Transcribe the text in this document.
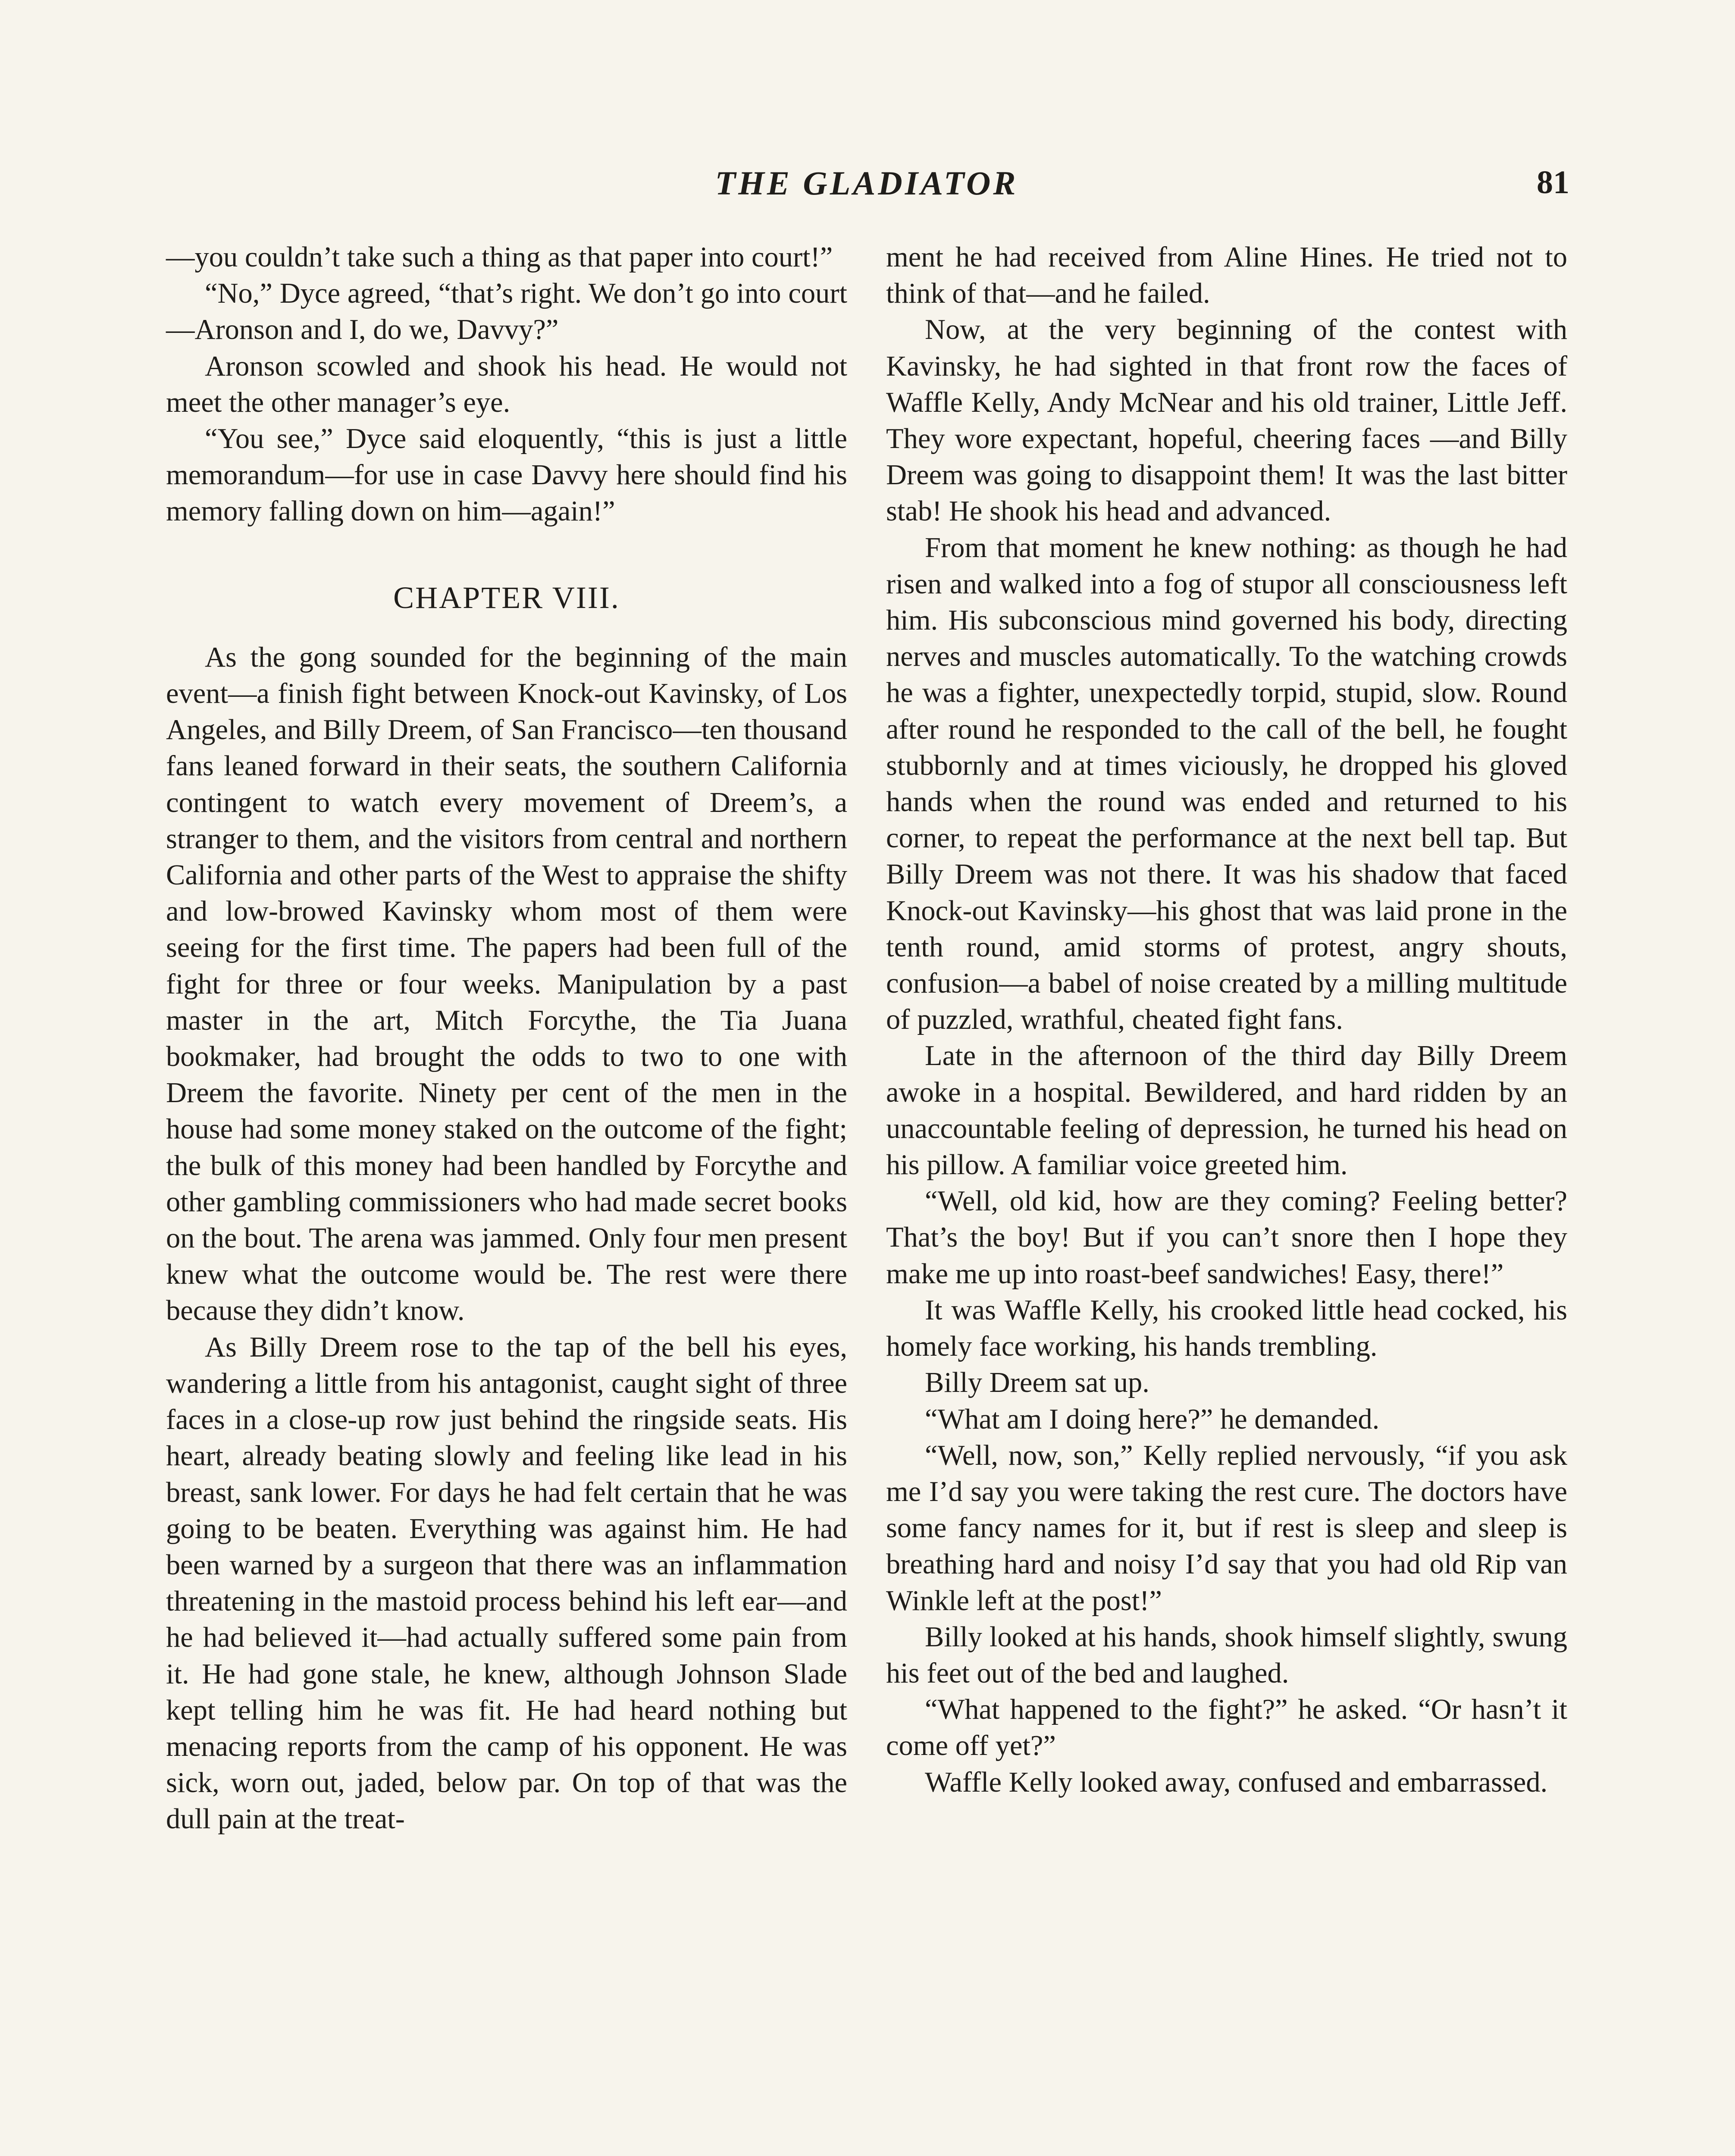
THE GLADIATOR	81

—you couldn’t take such a thing as that paper into court!”

“No,” Dyce agreed, “that’s right. We don’t go into court—Aronson and I, do we, Davvy?”

Aronson scowled and shook his head. He would not meet the other manager’s eye.

“You see,” Dyce said eloquently, “this is just a little memorandum—for use in case Davvy here should find his memory falling down on him—again!”

CHAPTER VIII.

As the gong sounded for the beginning of the main event—a finish fight between Knock-out Kavinsky, of Los Angeles, and Billy Dreem, of San Francisco—ten thousand fans leaned forward in their seats, the southern California contingent to watch every movement of Dreem’s, a stranger to them, and the visitors from central and northern California and other parts of the West to appraise the shifty and low-browed Kavinsky whom most of them were seeing for the first time. The papers had been full of the fight for three or four weeks. Manipulation by a past master in the art, Mitch Forcythe, the Tia Juana bookmaker, had brought the odds to two to one with Dreem the favorite. Ninety per cent of the men in the house had some money staked on the outcome of the fight; the bulk of this money had been handled by Forcythe and other gambling commissioners who had made secret books on the bout. The arena was jammed. Only four men present knew what the outcome would be. The rest were there because they didn’t know.

As Billy Dreem rose to the tap of the bell his eyes, wandering a little from his antagonist, caught sight of three faces in a close-up row just behind the ringside seats. His heart, already beating slowly and feeling like lead in his breast, sank lower. For days he had felt certain that he was going to be beaten. Everything was against him. He had been warned by a surgeon that there was an inflammation threatening in the mastoid process behind his left ear—and he had believed it—had actually suffered some pain from it. He had gone stale, he knew, although Johnson Slade kept telling him he was fit. He had heard nothing but menacing reports from the camp of his opponent. He was sick, worn out, jaded, below par. On top of that was the dull pain at the treat-

ment he had received from Aline Hines. He tried not to think of that—and he failed.

Now, at the very beginning of the contest with Kavinsky, he had sighted in that front row the faces of Waffle Kelly, Andy McNear and his old trainer, Little Jeff. They wore expectant, hopeful, cheering faces —and Billy Dreem was going to disappoint them! It was the last bitter stab! He shook his head and advanced.

From that moment he knew nothing: as though he had risen and walked into a fog of stupor all consciousness left him. His subconscious mind governed his body, directing nerves and muscles automatically. To the watching crowds he was a fighter, unexpectedly torpid, stupid, slow. Round after round he responded to the call of the bell, he fought stubbornly and at times viciously, he dropped his gloved hands when the round was ended and returned to his corner, to repeat the performance at the next bell tap. But Billy Dreem was not there. It was his shadow that faced Knock-out Kavinsky—his ghost that was laid prone in the tenth round, amid storms of protest, angry shouts, confusion—a babel of noise created by a milling multitude of puzzled, wrathful, cheated fight fans.

Late in the afternoon of the third day Billy Dreem awoke in a hospital. Bewildered, and hard ridden by an unaccountable feeling of depression, he turned his head on his pillow. A familiar voice greeted him.

“Well, old kid, how are they coming? Feeling better? That’s the boy! But if you can’t snore then I hope they make me up into roast-beef sandwiches! Easy, there!”

It was Waffle Kelly, his crooked little head cocked, his homely face working, his hands trembling.

Billy Dreem sat up.

“What am I doing here?” he demanded.

“Well, now, son,” Kelly replied nervously, “if you ask me I’d say you were taking the rest cure. The doctors have some fancy names for it, but if rest is sleep and sleep is breathing hard and noisy I’d say that you had old Rip van Winkle left at the post!”

Billy looked at his hands, shook himself slightly, swung his feet out of the bed and laughed.

“What happened to the fight?” he asked. “Or hasn’t it come off yet?”

Waffle Kelly looked away, confused and embarrassed.
